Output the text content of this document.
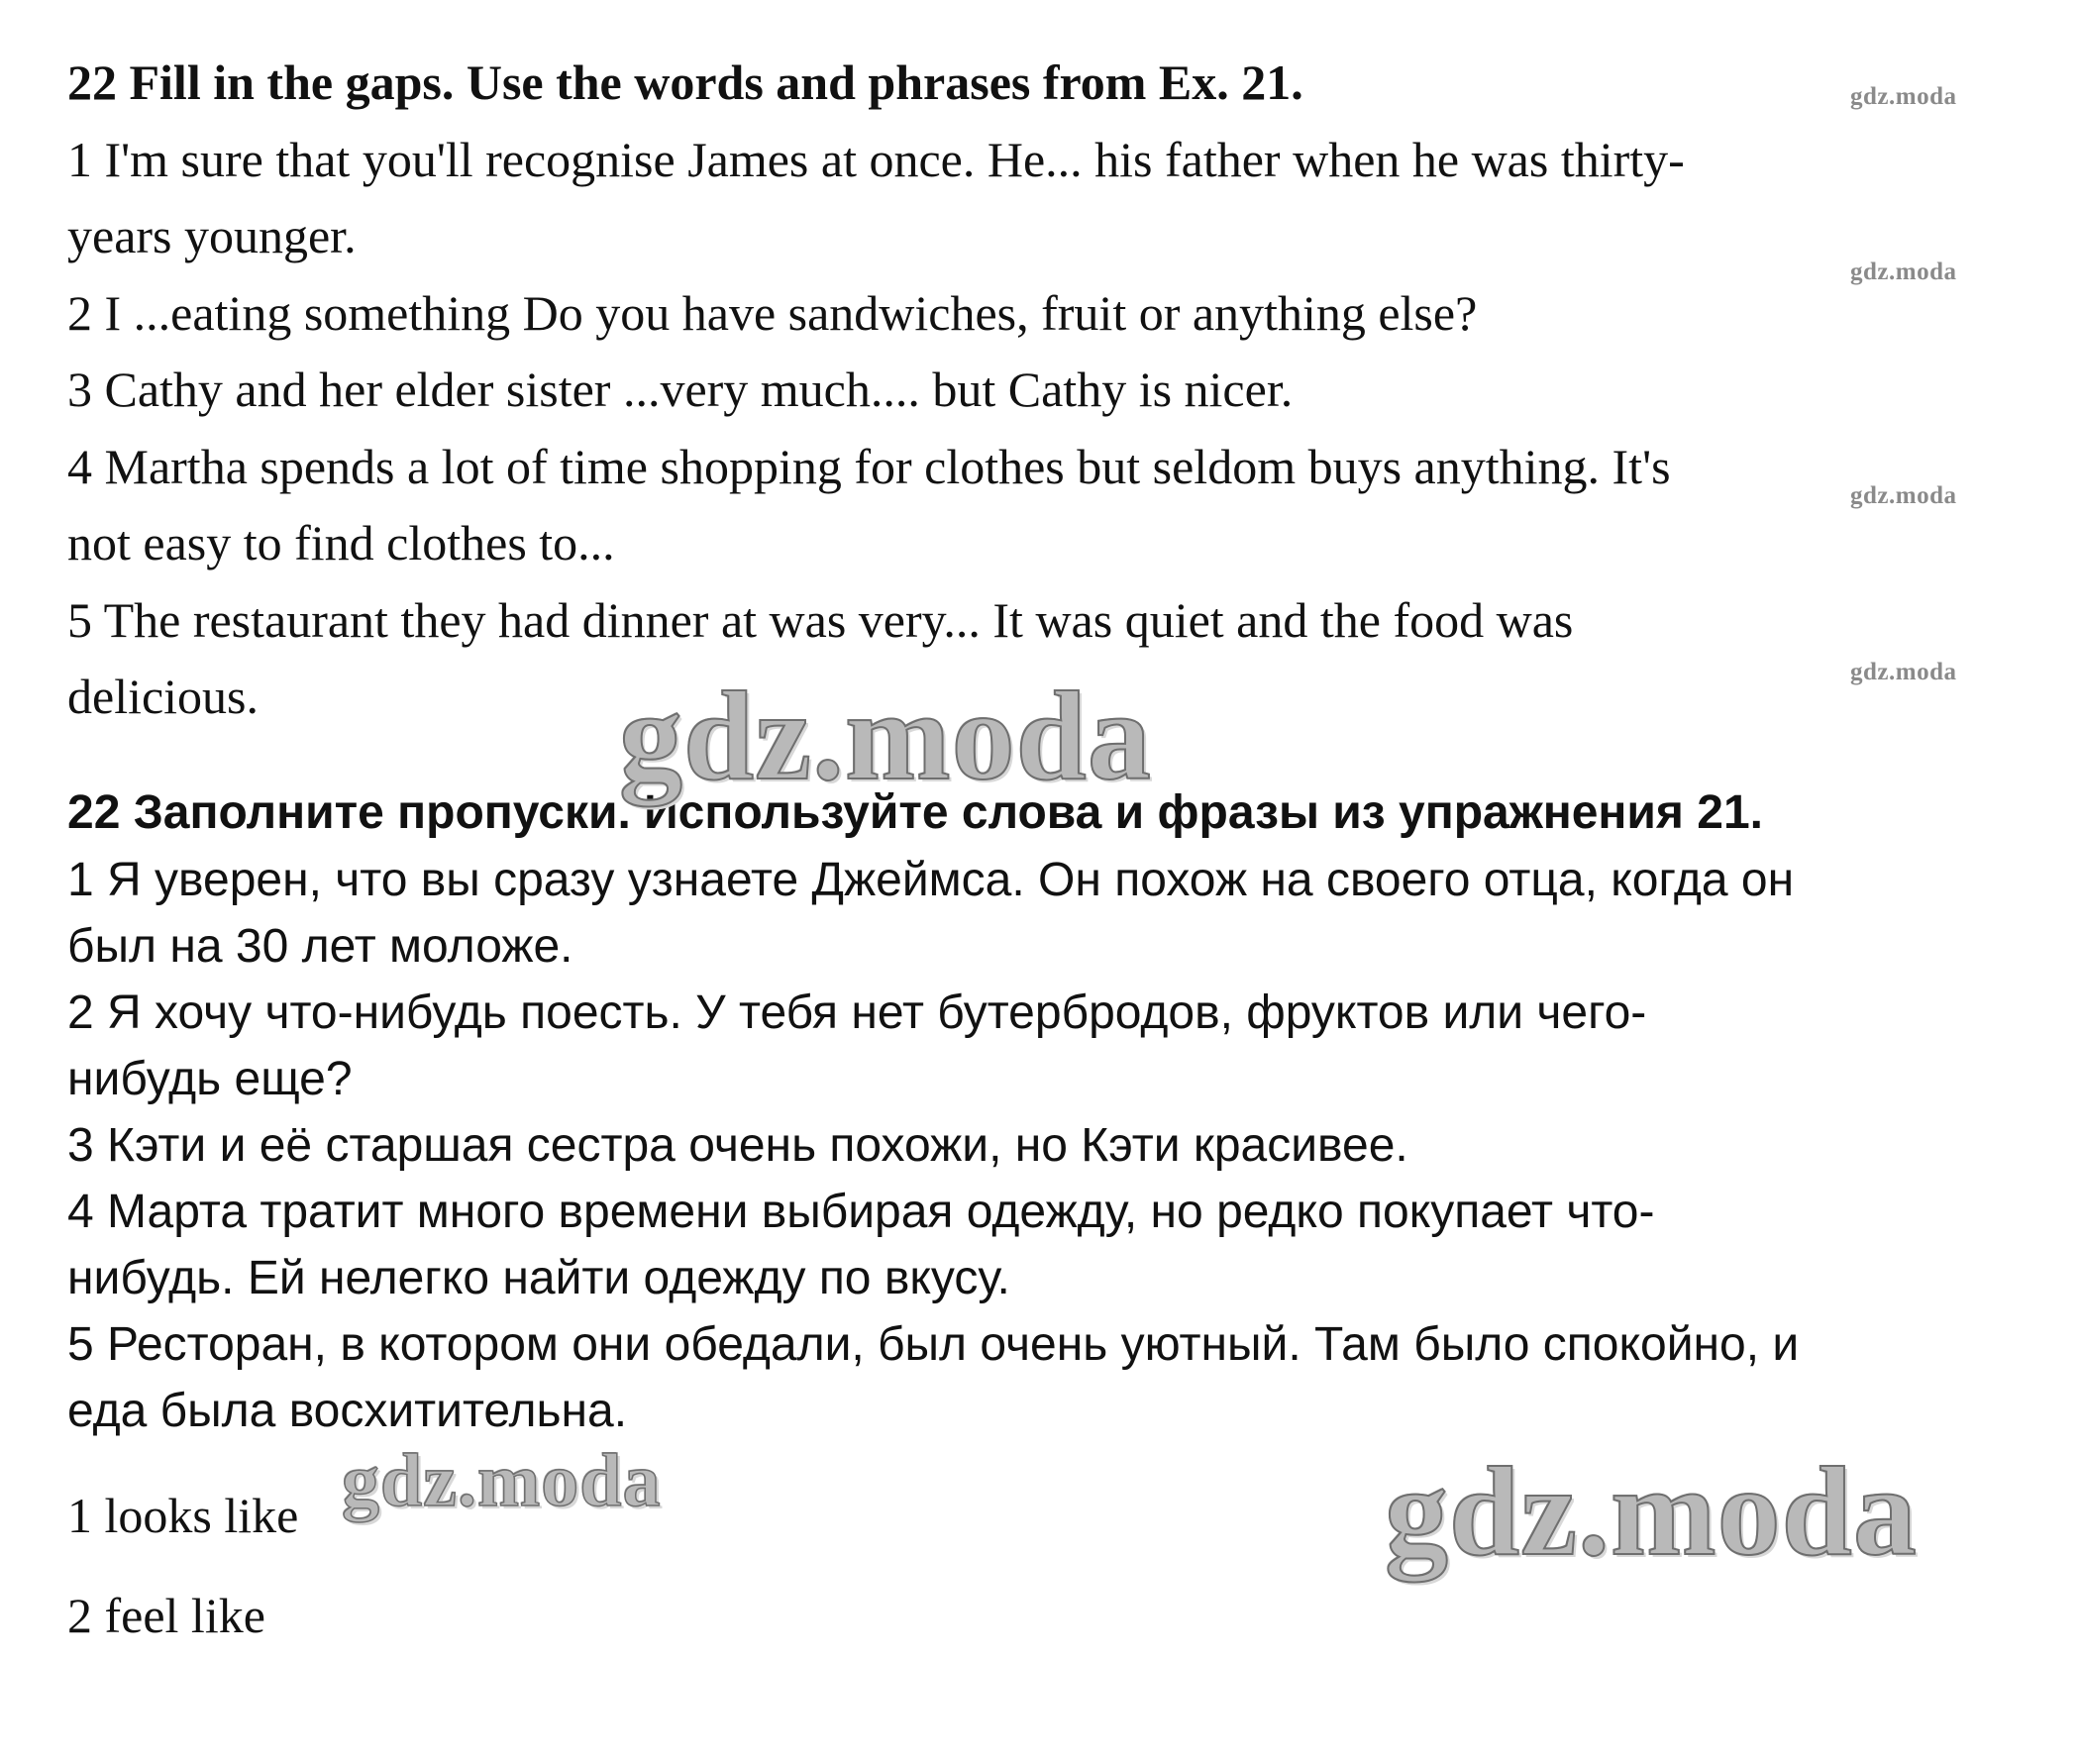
22 Fill in the gaps. Use the words and phrases from Ex. 21.
1 I'm sure that you'll recognise James at once. He... his father when he was thirty-
years younger.
2 I ...eating something Do you have sandwiches, fruit or anything else?
3 Cathy and her elder sister ...very much.... but Cathy is nicer.
4 Martha spends a lot of time shopping for clothes but seldom buys anything. It's
not easy to find clothes to...
5 The restaurant they had dinner at was very... It was quiet and the food was
delicious.
22 Заполните пропуски. Используйте слова и фразы из упражнения 21.
1 Я уверен, что вы сразу узнаете Джеймса. Он похож на своего отца, когда он
был на 30 лет моложе.
2 Я хочу что-нибудь поесть. У тебя нет бутербродов, фруктов или чего-
нибудь еще?
3 Кэти и её старшая сестра очень похожи, но Кэти красивее.
4 Марта тратит много времени выбирая одежду, но редко покупает что-
нибудь. Ей нелегко найти одежду по вкусу.
5 Ресторан, в котором они обедали, был очень уютный. Там было спокойно, и
еда была восхитительна.
1 looks like
2 feel like
gdz.moda
gdz.moda
gdz.moda
gdz.moda
gdz.moda
gdz.moda	gdz.moda
